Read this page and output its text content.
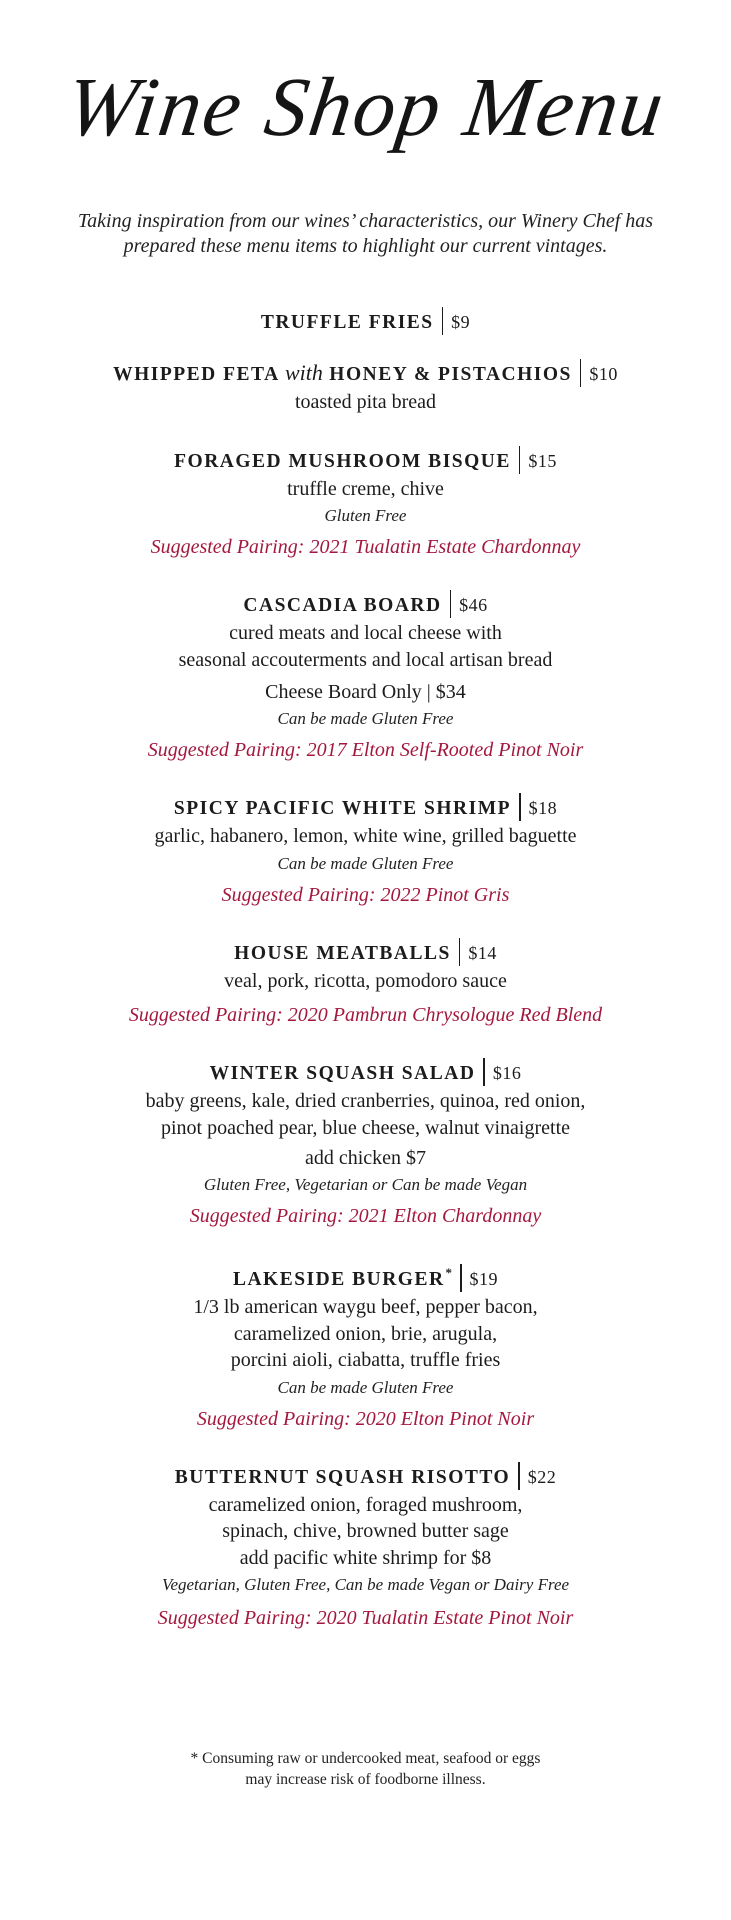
Wine Shop Menu
Taking inspiration from our wines’ characteristics, our Winery Chef has
prepared these menu items to highlight our current vintages.
TRUFFLE FRIES $9
WHIPPED FETA with HONEY & PISTACHIOS $10
toasted pita bread
FORAGED MUSHROOM BISQUE $15
truffle creme, chive
Gluten Free
Suggested Pairing: 2021 Tualatin Estate Chardonnay
CASCADIA BOARD $46
cured meats and local cheese with
seasonal accouterments and local artisan bread
Cheese Board Only | $34
Can be made Gluten Free
Suggested Pairing: 2017 Elton Self-Rooted Pinot Noir
SPICY PACIFIC WHITE SHRIMP $18
garlic, habanero, lemon, white wine, grilled baguette
Can be made Gluten Free
Suggested Pairing: 2022 Pinot Gris
HOUSE MEATBALLS $14
veal, pork, ricotta, pomodoro sauce
Suggested Pairing: 2020 Pambrun Chrysologue Red Blend
WINTER SQUASH SALAD $16
baby greens, kale, dried cranberries, quinoa, red onion,
pinot poached pear, blue cheese, walnut vinaigrette
add chicken $7
Gluten Free, Vegetarian or Can be made Vegan
Suggested Pairing: 2021 Elton Chardonnay
LAKESIDE BURGER* $19
1/3 lb american waygu beef, pepper bacon,
caramelized onion, brie, arugula,
porcini aioli, ciabatta, truffle fries
Can be made Gluten Free
Suggested Pairing: 2020 Elton Pinot Noir
BUTTERNUT SQUASH RISOTTO $22
caramelized onion, foraged mushroom,
spinach, chive, browned butter sage
add pacific white shrimp for $8
Vegetarian, Gluten Free, Can be made Vegan or Dairy Free
Suggested Pairing: 2020 Tualatin Estate Pinot Noir
* Consuming raw or undercooked meat, seafood or eggs
may increase risk of foodborne illness.
